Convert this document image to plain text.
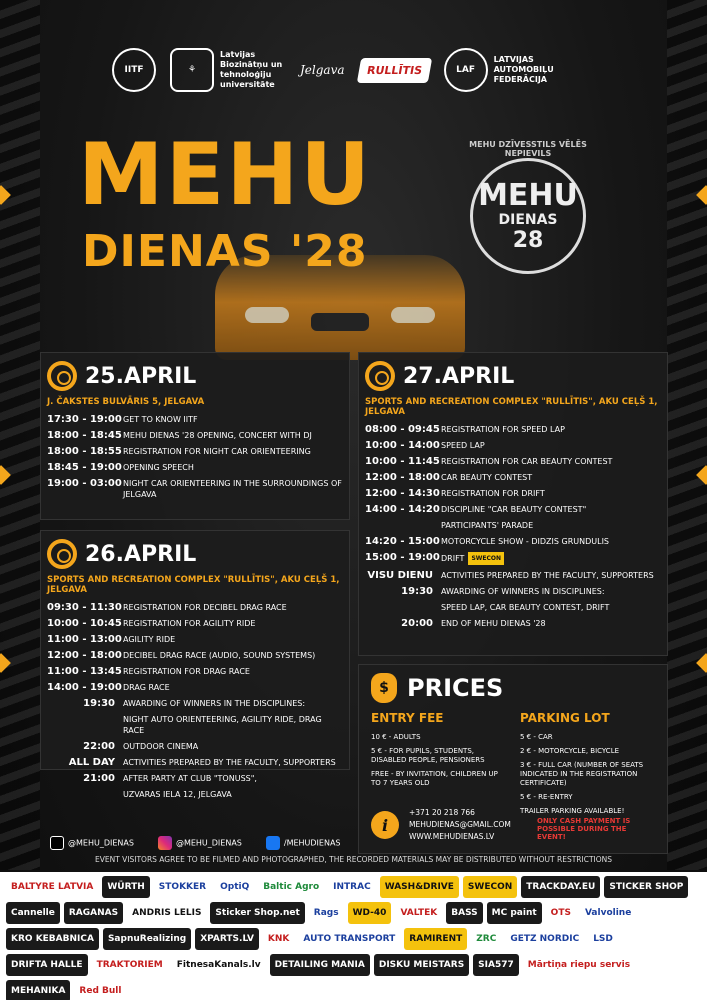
IITF	⚘
Latvijas Biozinātņu un tehnoloģiju universitāte
Jelgava	RULLĪTIS	LAF
LATVIJAS AUTOMOBIĻU FEDERĀCIJA
MEHU
DIENAS '28
MEHU DZĪVESSTILS VĒLĒS NEPIEVILS
MEHU
DIENAS
28
25.APRIL
J. ČAKSTES BULVĀRIS 5, JELGAVA
17:30 - 19:00 GET TO KNOW IITF
18:00 - 18:45 MEHU DIENAS '28 OPENING, CONCERT WITH DJ
18:00 - 18:55 REGISTRATION FOR NIGHT CAR ORIENTEERING
18:45 - 19:00 OPENING SPEECH
19:00 - 03:00 NIGHT CAR ORIENTEERING IN THE SURROUNDINGS OF JELGAVA
26.APRIL
SPORTS AND RECREATION COMPLEX "RULLĪTIS", AKU CEĻŠ 1, JELGAVA
09:30 - 11:30 REGISTRATION FOR DECIBEL DRAG RACE
10:00 - 10:45 REGISTRATION FOR AGILITY RIDE
11:00 - 13:00 AGILITY RIDE
12:00 - 18:00 DECIBEL DRAG RACE (AUDIO, SOUND SYSTEMS)
11:00 - 13:45 REGISTRATION FOR DRAG RACE
14:00 - 19:00 DRAG RACE
19:30	AWARDING OF WINNERS IN THE DISCIPLINES:
NIGHT AUTO ORIENTEERING, AGILITY RIDE, DRAG RACE
22:00	OUTDOOR CINEMA
ALL DAY	ACTIVITIES PREPARED BY THE FACULTY, SUPPORTERS
21:00	AFTER PARTY AT CLUB "TONUSS",
UZVARAS IELA 12, JELGAVA
27.APRIL
SPORTS AND RECREATION COMPLEX "RULLĪTIS", AKU CEĻŠ 1, JELGAVA
08:00 - 09:45 REGISTRATION FOR SPEED LAP
10:00 - 14:00 SPEED LAP
10:00 - 11:45 REGISTRATION FOR CAR BEAUTY CONTEST
12:00 - 18:00 CAR BEAUTY CONTEST
12:00 - 14:30 REGISTRATION FOR DRIFT
14:00 - 14:20 DISCIPLINE "CAR BEAUTY CONTEST"
PARTICIPANTS' PARADE
14:20 - 15:00 MOTORCYCLE SHOW - DIDZIS GRUNDULIS
15:00 - 19:00 DRIFT SWECON
VISU DIENU	ACTIVITIES PREPARED BY THE FACULTY, SUPPORTERS
19:30	AWARDING OF WINNERS IN DISCIPLINES:
SPEED LAP, CAR BEAUTY CONTEST, DRIFT
20:00	END OF MEHU DIENAS '28
$ PRICES
ENTRY FEE
10 € - ADULTS
5 € - FOR PUPILS, STUDENTS, DISABLED PEOPLE, PENSIONERS
FREE - BY INVITATION, CHILDREN UP TO 7 YEARS OLD
PARKING LOT
5 € - CAR
2 € - MOTORCYCLE, BICYCLE
3 € - FULL CAR (NUMBER OF SEATS INDICATED IN THE REGISTRATION CERTIFICATE)
5 € - RE-ENTRY
TRAILER PARKING AVAILABLE!
ONLY CASH PAYMENT IS POSSIBLE DURING THE EVENT!
i
+371 20 218 766
MEHUDIENAS@GMAIL.COM
WWW.MEHUDIENAS.LV
@MEHU_DIENAS	@MEHU_DIENAS	/MEHUDIENAS
EVENT VISITORS AGREE TO BE FILMED AND PHOTOGRAPHED, THE RECORDED MATERIALS MAY BE DISTRIBUTED WITHOUT RESTRICTIONS
BALTYRE LATVIA	WÜRTH	STOKKER	OptiQ	Baltic Agro	INTRAC	WASH&DRIVE	SWECON	TRACKDAY.EU	STICKER SHOP
Cannelle	RAGANAS	ANDRIS LELIS	Sticker Shop.net	Rags	WD-40	VALTEK	BASS	MC paint	OTS	Valvoline
KRO KEBABNICA	SapnuRealizing	XPARTS.LV	KNK	AUTO TRANSPORT	RAMIRENT	ZRC	GETZ NORDIC	LSD
DRIFTA HALLE	TRAKTORIEM	FitnesaKanals.lv	DETAILING MANIA	DISKU MEISTARS	SIA577	Mārtiņa riepu servis
MEHANIKA	Red Bull
